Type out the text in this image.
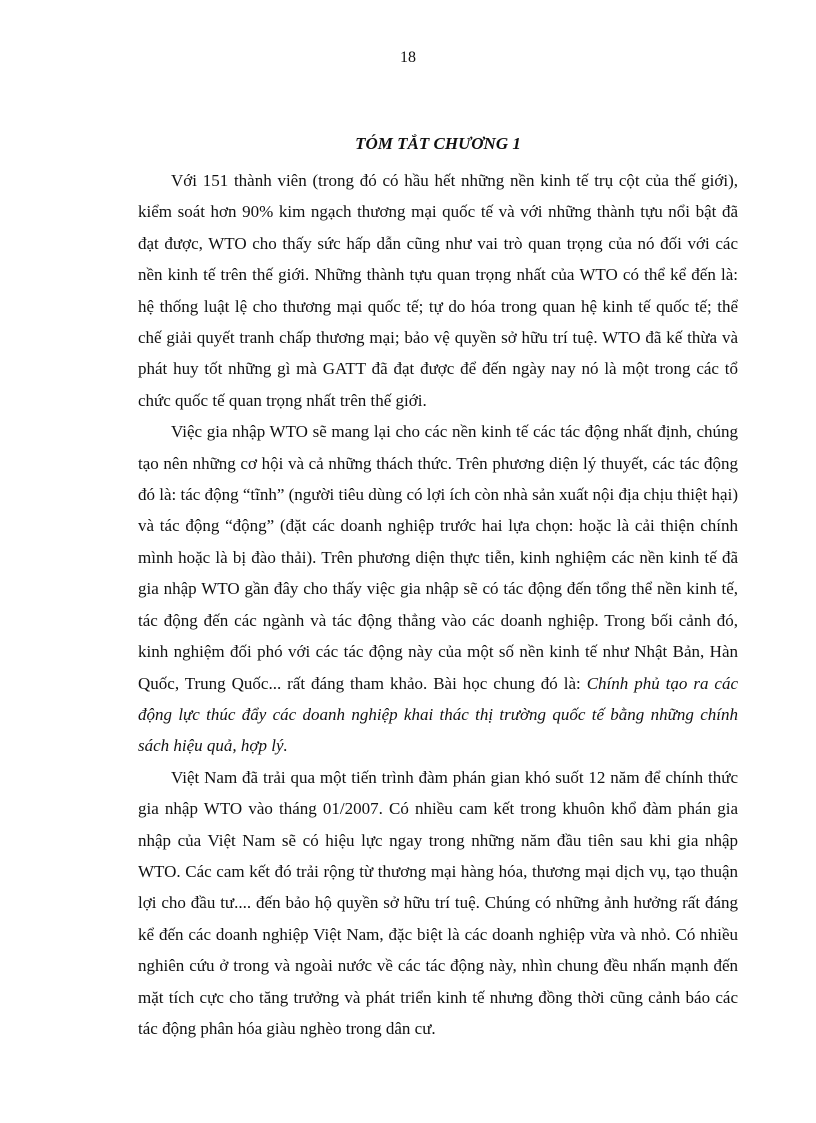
18
TÓM TẮT CHƯƠNG 1

Với 151 thành viên (trong đó có hầu hết những nền kinh tế trụ cột của thế giới), kiểm soát hơn 90% kim ngạch thương mại quốc tế và với những thành tựu nổi bật đã đạt được, WTO cho thấy sức hấp dẫn cũng như vai trò quan trọng của nó đối với các nền kinh tế trên thế giới. Những thành tựu quan trọng nhất của WTO có thể kể đến là: hệ thống luật lệ cho thương mại quốc tế; tự do hóa trong quan hệ kinh tế quốc tế; thể chế giải quyết tranh chấp thương mại; bảo vệ quyền sở hữu trí tuệ. WTO đã kế thừa và phát huy tốt những gì mà GATT đã đạt được để đến ngày nay nó là một trong các tổ chức quốc tế quan trọng nhất trên thế giới.

Việc gia nhập WTO sẽ mang lại cho các nền kinh tế các tác động nhất định, chúng tạo nên những cơ hội và cả những thách thức. Trên phương diện lý thuyết, các tác động đó là: tác động “tĩnh” (người tiêu dùng có lợi ích còn nhà sản xuất nội địa chịu thiệt hại) và tác động “động” (đặt các doanh nghiệp trước hai lựa chọn: hoặc là cải thiện chính mình hoặc là bị đào thải). Trên phương diện thực tiễn, kinh nghiệm các nền kinh tế đã gia nhập WTO gần đây cho thấy việc gia nhập sẽ có tác động đến tổng thể nền kinh tế, tác động đến các ngành và tác động thẳng vào các doanh nghiệp. Trong bối cảnh đó, kinh nghiệm đối phó với các tác động này của một số nền kinh tế như Nhật Bản, Hàn Quốc, Trung Quốc... rất đáng tham khảo. Bài học chung đó là: Chính phủ tạo ra các động lực thúc đẩy các doanh nghiệp khai thác thị trường quốc tế bằng những chính sách hiệu quả, hợp lý.

Việt Nam đã trải qua một tiến trình đàm phán gian khó suốt 12 năm để chính thức gia nhập WTO vào tháng 01/2007. Có nhiều cam kết trong khuôn khổ đàm phán gia nhập của Việt Nam sẽ có hiệu lực ngay trong những năm đầu tiên sau khi gia nhập WTO. Các cam kết đó trải rộng từ thương mại hàng hóa, thương mại dịch vụ, tạo thuận lợi cho đầu tư.... đến bảo hộ quyền sở hữu trí tuệ. Chúng có những ảnh hưởng rất đáng kể đến các doanh nghiệp Việt Nam, đặc biệt là các doanh nghiệp vừa và nhỏ. Có nhiều nghiên cứu ở trong và ngoài nước về các tác động này, nhìn chung đều nhấn mạnh đến mặt tích cực cho tăng trưởng và phát triển kinh tế nhưng đồng thời cũng cảnh báo các tác động phân hóa giàu nghèo trong dân cư.
